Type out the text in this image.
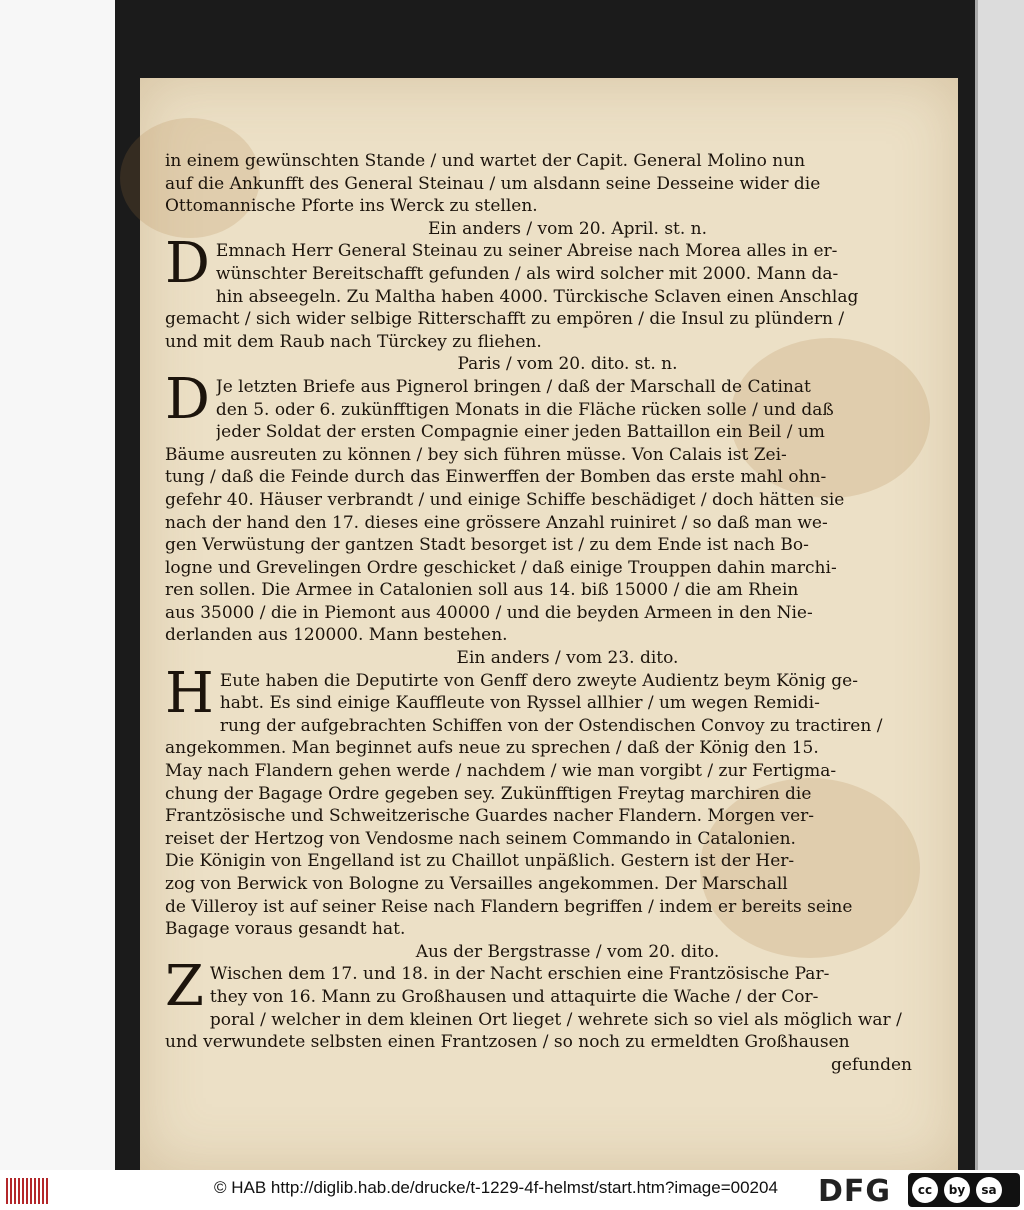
in einem gewünschten Stande / und wartet der Capit. General Molino nun

auf die Ankunfft des General Steinau / um alsdann seine Desseine wider die

Ottomannische Pforte ins Werck zu stellen.

Ein anders / vom 20. April. st. n.

D Emnach Herr General Steinau zu seiner Abreise nach Morea alles in er-

wünschter Bereitschafft gefunden / als wird solcher mit 2000. Mann da-

hin abseegeln. Zu Maltha haben 4000. Türckische Sclaven einen Anschlag

gemacht / sich wider selbige Ritterschafft zu empören / die Insul zu plündern /

und mit dem Raub nach Türckey zu fliehen.

Paris / vom 20. dito. st. n.

D Je letzten Briefe aus Pignerol bringen / daß der Marschall de Catinat

den 5. oder 6. zukünfftigen Monats in die Fläche rücken solle / und daß

jeder Soldat der ersten Compagnie einer jeden Battaillon ein Beil / um

Bäume ausreuten zu können / bey sich führen müsse. Von Calais ist Zei-

tung / daß die Feinde durch das Einwerffen der Bomben das erste mahl ohn-

gefehr 40. Häuser verbrandt / und einige Schiffe beschädiget / doch hätten sie

nach der hand den 17. dieses eine grössere Anzahl ruiniret / so daß man we-

gen Verwüstung der gantzen Stadt besorget ist / zu dem Ende ist nach Bo-

logne und Grevelingen Ordre geschicket / daß einige Trouppen dahin marchi-

ren sollen. Die Armee in Catalonien soll aus 14. biß 15000 / die am Rhein

aus 35000 / die in Piemont aus 40000 / und die beyden Armeen in den Nie-

derlanden aus 120000. Mann bestehen.

Ein anders / vom 23. dito.

H Eute haben die Deputirte von Genff dero zweyte Audientz beym König ge-

habt. Es sind einige Kauffleute von Ryssel allhier / um wegen Remidi-

rung der aufgebrachten Schiffen von der Ostendischen Convoy zu tractiren /

angekommen. Man beginnet aufs neue zu sprechen / daß der König den 15.

May nach Flandern gehen werde / nachdem / wie man vorgibt / zur Fertigma-

chung der Bagage Ordre gegeben sey. Zukünfftigen Freytag marchiren die

Frantzösische und Schweitzerische Guardes nacher Flandern. Morgen ver-

reiset der Hertzog von Vendosme nach seinem Commando in Catalonien.

Die Königin von Engelland ist zu Chaillot unpäßlich. Gestern ist der Her-

zog von Berwick von Bologne zu Versailles angekommen. Der Marschall

de Villeroy ist auf seiner Reise nach Flandern begriffen / indem er bereits seine

Bagage voraus gesandt hat.

Aus der Bergstrasse / vom 20. dito.

Z Wischen dem 17. und 18. in der Nacht erschien eine Frantzösische Par-

they von 16. Mann zu Großhausen und attaquirte die Wache / der Cor-

poral / welcher in dem kleinen Ort lieget / wehrete sich so viel als möglich war /

und verwundete selbsten einen Frantzosen / so noch zu ermeldten Großhausen

gefunden

© HAB http://diglib.hab.de/drucke/t-1229-4f-helmst/start.htm?image=00204 DFG	cc	by	sa
